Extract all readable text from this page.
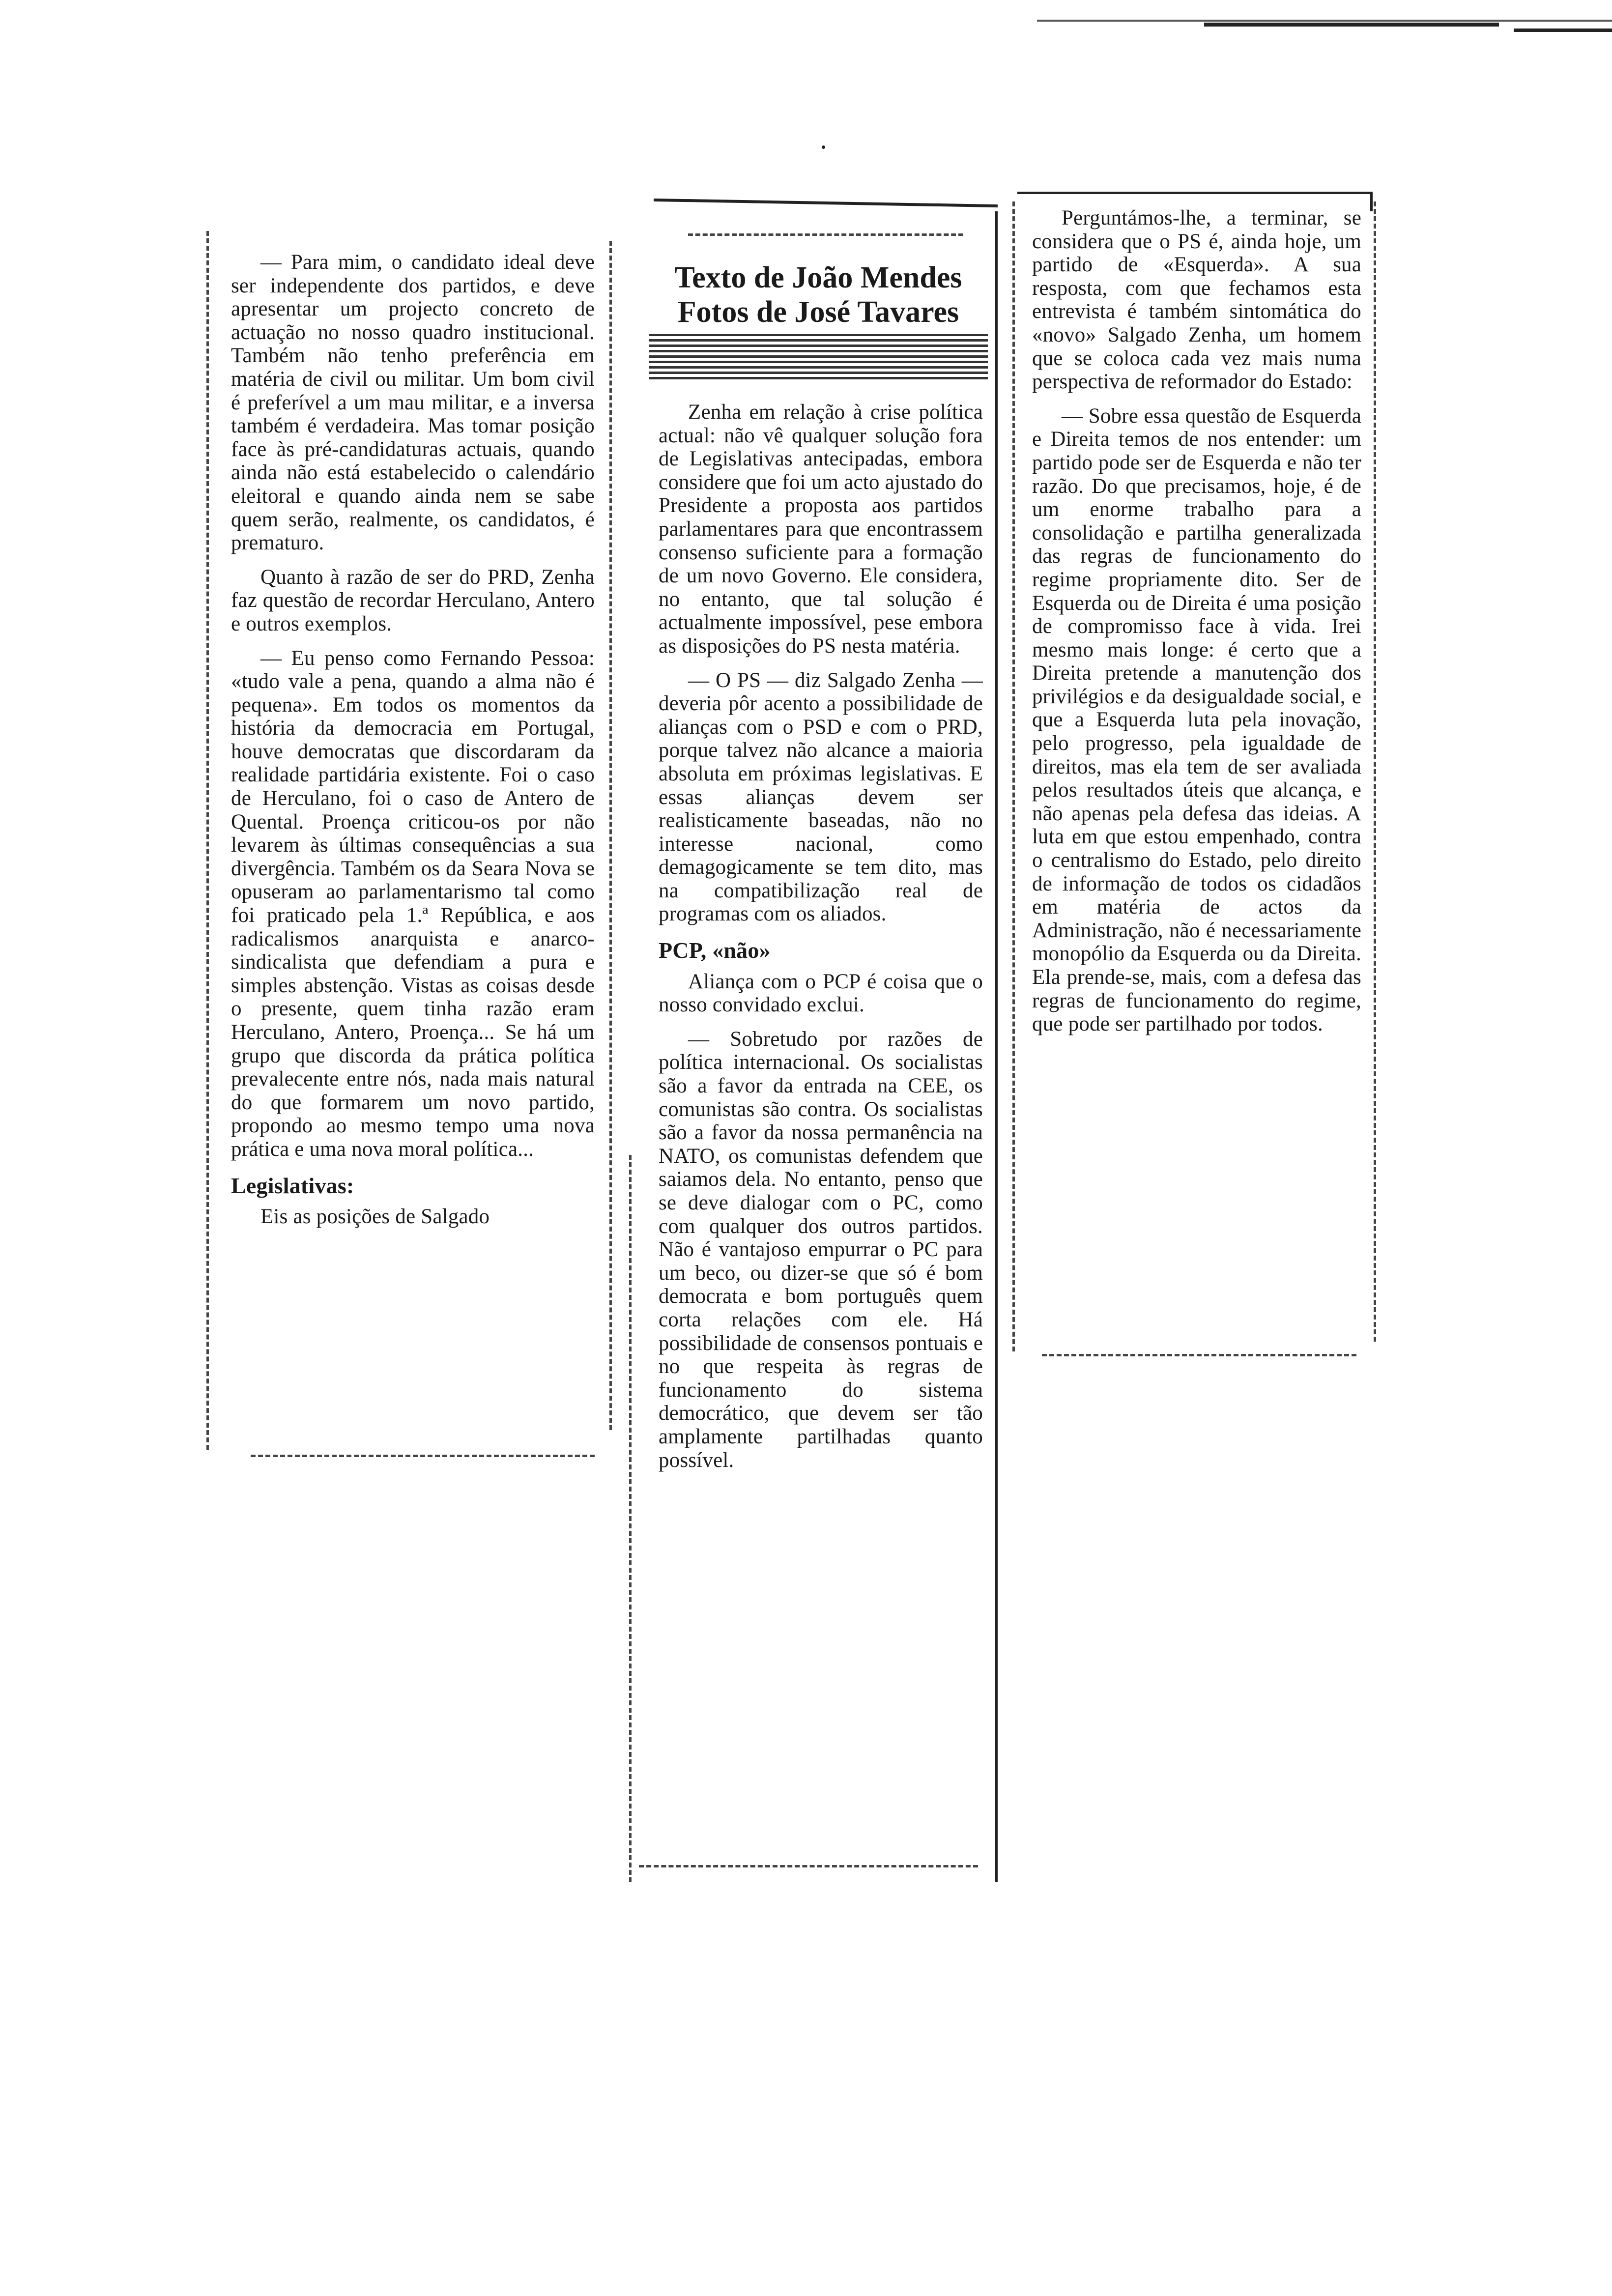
— Para mim, o candidato ideal deve ser independente dos partidos, e deve apresentar um projecto concreto de actuação no nosso quadro institucional. Também não tenho preferência em matéria de civil ou militar. Um bom civil é preferível a um mau militar, e a inversa também é verdadeira. Mas tomar posição face às pré-candidaturas actuais, quando ainda não está estabelecido o calendário eleitoral e quando ainda nem se sabe quem serão, realmente, os candidatos, é prematuro.

Quanto à razão de ser do PRD, Zenha faz questão de recordar Herculano, Antero e outros exemplos.

— Eu penso como Fernando Pessoa: «tudo vale a pena, quando a alma não é pequena». Em todos os momentos da história da democracia em Portugal, houve democratas que discordaram da realidade partidária existente. Foi o caso de Herculano, foi o caso de Antero de Quental. Proença criticou-os por não levarem às últimas consequências a sua divergência. Também os da Seara Nova se opuseram ao parlamentarismo tal como foi praticado pela 1.ª República, e aos radicalismos anarquista e anarco-sindicalista que defendiam a pura e simples abstenção. Vistas as coisas desde o presente, quem tinha razão eram Herculano, Antero, Proença... Se há um grupo que discorda da prática política prevalecente entre nós, nada mais natural do que formarem um novo partido, propondo ao mesmo tempo uma nova prática e uma nova moral política...

Legislativas:

Eis as posições de Salgado

Texto de João Mendes
Fotos de José Tavares

Zenha em relação à crise política actual: não vê qualquer solução fora de Legislativas antecipadas, embora considere que foi um acto ajustado do Presidente a proposta aos partidos parlamentares para que encontrassem consenso suficiente para a formação de um novo Governo. Ele considera, no entanto, que tal solução é actualmente impossível, pese embora as disposições do PS nesta matéria.

— O PS — diz Salgado Zenha — deveria pôr acento a possibilidade de alianças com o PSD e com o PRD, porque talvez não alcance a maioria absoluta em próximas legislativas. E essas alianças devem ser realisticamente baseadas, não no interesse nacional, como demagogicamente se tem dito, mas na compatibilização real de programas com os aliados.

PCP, «não»

Aliança com o PCP é coisa que o nosso convidado exclui.

— Sobretudo por razões de política internacional. Os socialistas são a favor da entrada na CEE, os comunistas são contra. Os socialistas são a favor da nossa permanência na NATO, os comunistas defendem que saiamos dela. No entanto, penso que se deve dialogar com o PC, como com qualquer dos outros partidos. Não é vantajoso empurrar o PC para um beco, ou dizer-se que só é bom democrata e bom português quem corta relações com ele. Há possibilidade de consensos pontuais e no que respeita às regras de funcionamento do sistema democrático, que devem ser tão amplamente partilhadas quanto possível.

Perguntámos-lhe, a terminar, se considera que o PS é, ainda hoje, um partido de «Esquerda». A sua resposta, com que fechamos esta entrevista é também sintomática do «novo» Salgado Zenha, um homem que se coloca cada vez mais numa perspectiva de reformador do Estado:

— Sobre essa questão de Esquerda e Direita temos de nos entender: um partido pode ser de Esquerda e não ter razão. Do que precisamos, hoje, é de um enorme trabalho para a consolidação e partilha generalizada das regras de funcionamento do regime propriamente dito. Ser de Esquerda ou de Direita é uma posição de compromisso face à vida. Irei mesmo mais longe: é certo que a Direita pretende a manutenção dos privilégios e da desigualdade social, e que a Esquerda luta pela inovação, pelo progresso, pela igualdade de direitos, mas ela tem de ser avaliada pelos resultados úteis que alcança, e não apenas pela defesa das ideias. A luta em que estou empenhado, contra o centralismo do Estado, pelo direito de informação de todos os cidadãos em matéria de actos da Administração, não é necessariamente monopólio da Esquerda ou da Direita. Ela prende-se, mais, com a defesa das regras de funcionamento do regime, que pode ser partilhado por todos.
